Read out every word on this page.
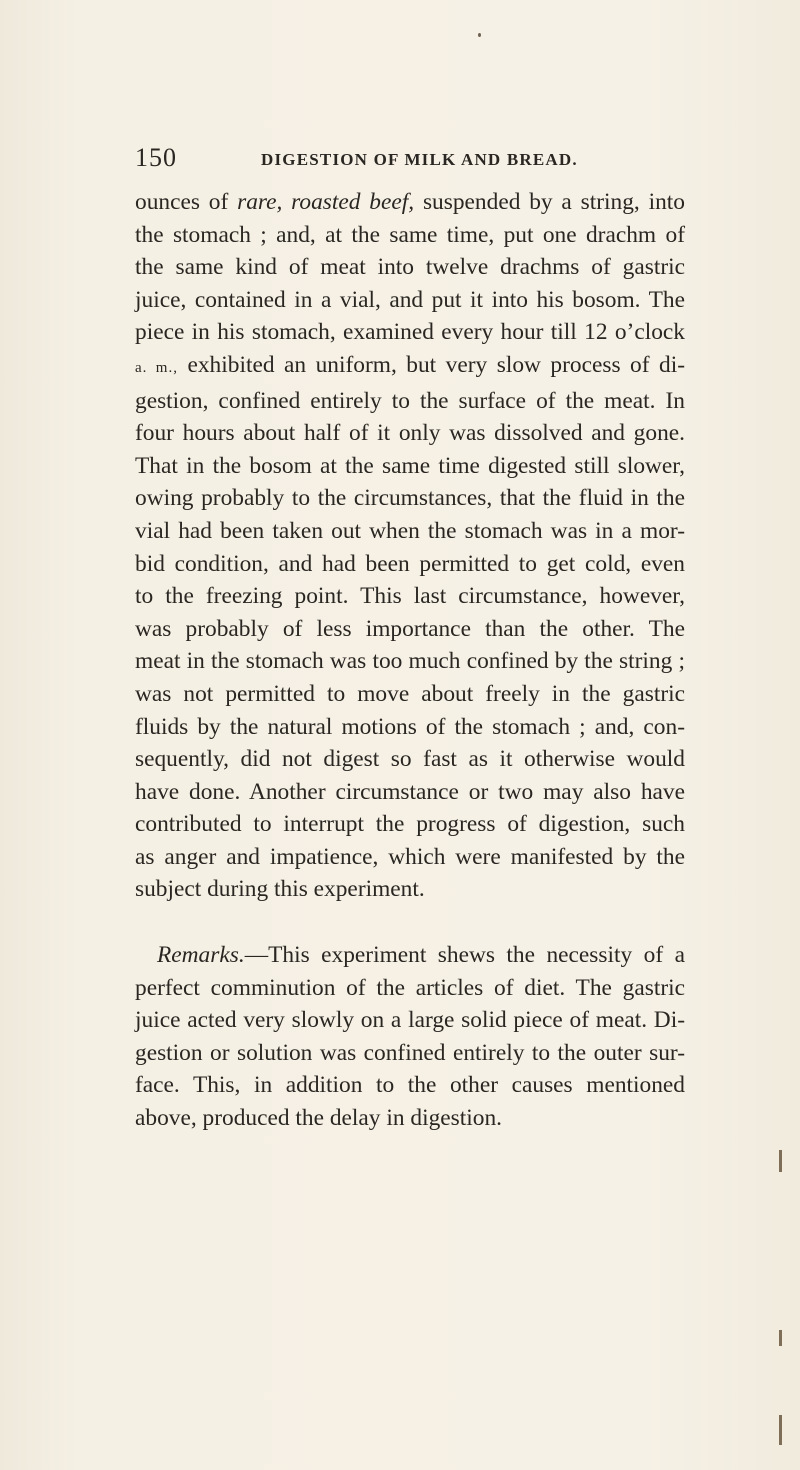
150	DIGESTION OF MILK AND BREAD.
ounces of rare, roasted beef, suspended by a string, into
the stomach ; and, at the same time, put one drachm of
the same kind of meat into twelve drachms of gastric
juice, contained in a vial, and put it into his bosom. The
piece in his stomach, examined every hour till 12 o’clock
a. m., exhibited an uniform, but very slow process of di-
gestion, confined entirely to the surface of the meat. In
four hours about half of it only was dissolved and gone.
That in the bosom at the same time digested still slower,
owing probably to the circumstances, that the fluid in the
vial had been taken out when the stomach was in a mor-
bid condition, and had been permitted to get cold, even
to the freezing point. This last circumstance, however,
was probably of less importance than the other. The
meat in the stomach was too much confined by the string ;
was not permitted to move about freely in the gastric
fluids by the natural motions of the stomach ; and, con-
sequently, did not digest so fast as it otherwise would
have done. Another circumstance or two may also have
contributed to interrupt the progress of digestion, such
as anger and impatience, which were manifested by the
subject during this experiment.
Remarks.—This experiment shews the necessity of a
perfect comminution of the articles of diet. The gastric
juice acted very slowly on a large solid piece of meat. Di-
gestion or solution was confined entirely to the outer sur-
face. This, in addition to the other causes mentioned
above, produced the delay in digestion.
